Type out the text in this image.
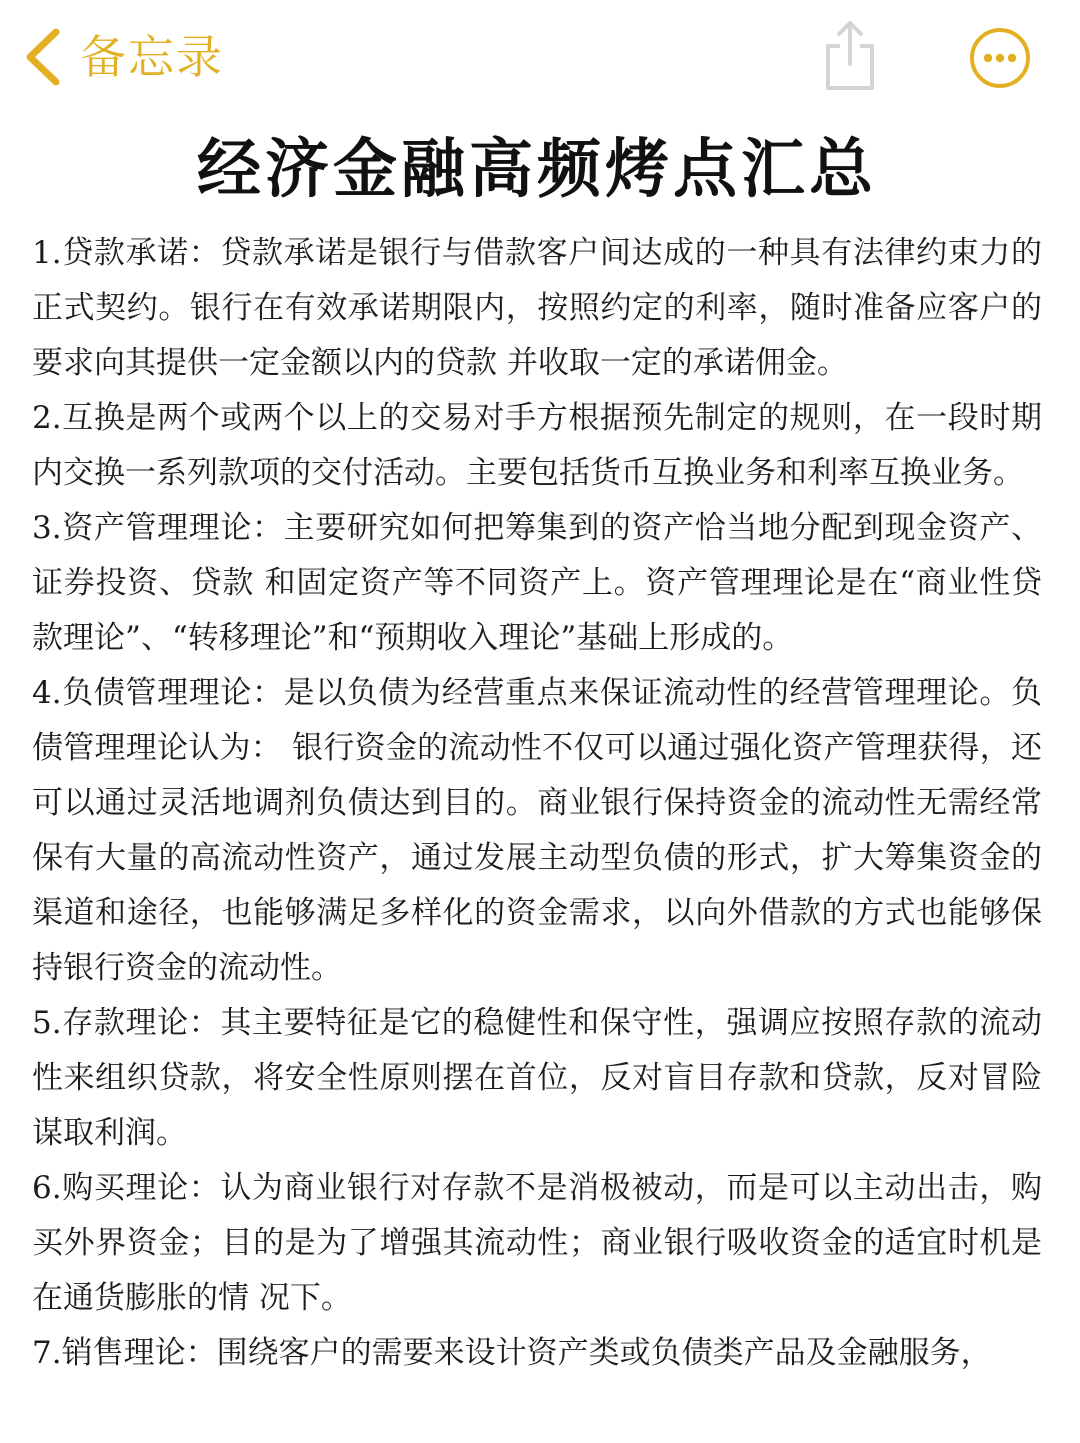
备忘录
经济金融高频烤点汇总

1.贷款承诺：贷款承诺是银行与借款客户间达成的一种具有法律约束力的正式契约。银行在有效承诺期限内，按照约定的利率，随时准备应客户的要求向其提供一定金额以内的贷款 并收取一定的承诺佣金。

2.互换是两个或两个以上的交易对手方根据预先制定的规则，在一段时期内交换一系列款项的交付活动。主要包括货币互换业务和利率互换业务。

3.资产管理理论：主要研究如何把筹集到的资产恰当地分配到现金资产、证券投资、贷款 和固定资产等不同资产上。资产管理理论是在“商业性贷款理论”、“转移理论”和“预期收入理论”基础上形成的。

4.负债管理理论：是以负债为经营重点来保证流动性的经营管理理论。负债管理理论认为： 银行资金的流动性不仅可以通过强化资产管理获得，还可以通过灵活地调剂负债达到目的。商业银行保持资金的流动性无需经常保有大量的高流动性资产，通过发展主动型负债的形式，扩大筹集资金的渠道和途径，也能够满足多样化的资金需求，以向外借款的方式也能够保持银行资金的流动性。

5.存款理论：其主要特征是它的稳健性和保守性，强调应按照存款的流动性来组织贷款，将安全性原则摆在首位，反对盲目存款和贷款，反对冒险谋取利润。

6.购买理论：认为商业银行对存款不是消极被动，而是可以主动出击，购买外界资金；目的是为了增强其流动性；商业银行吸收资金的适宜时机是在通货膨胀的情 况下。

7.销售理论：围绕客户的需要来设计资产类或负债类产品及金融服务，
